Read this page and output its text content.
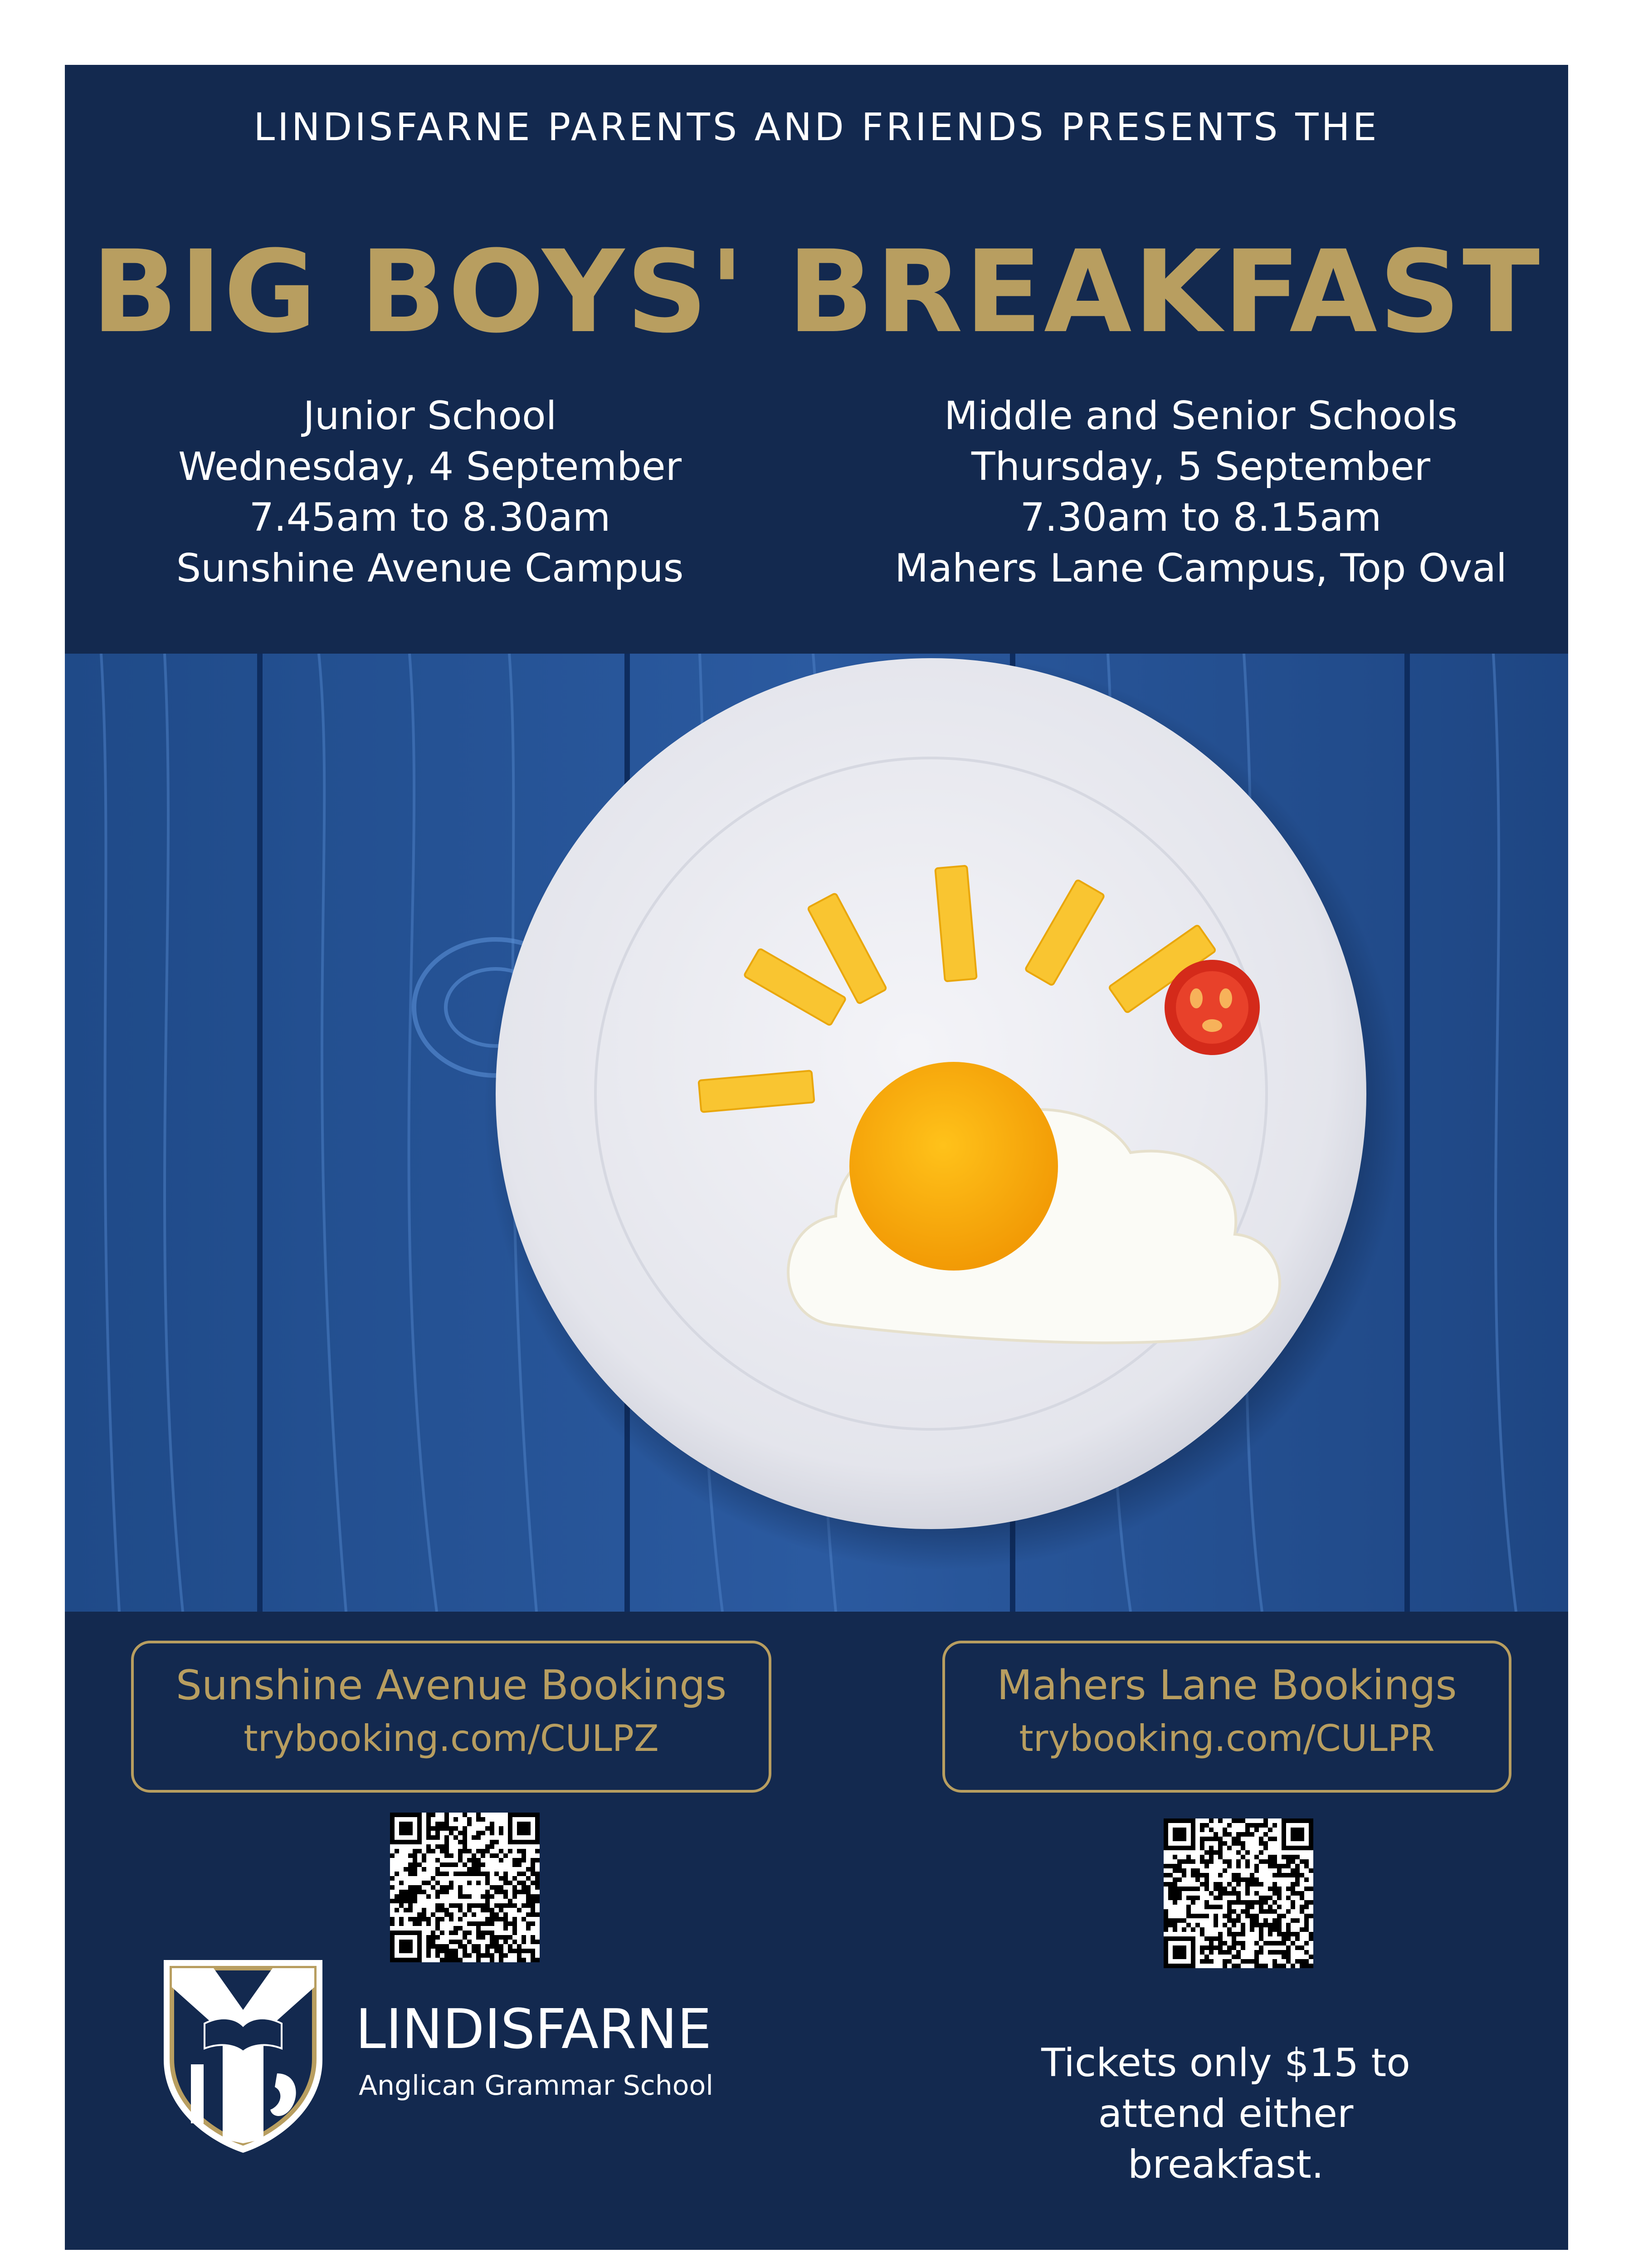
LINDISFARNE PARENTS AND FRIENDS PRESENTS THE
BIG BOYS' BREAKFAST
Junior School
Wednesday, 4 September
7.45am to 8.30am
Sunshine Avenue Campus
Middle and Senior Schools
Thursday, 5 September
7.30am to 8.15am
Mahers Lane Campus, Top Oval
Sunshine Avenue Bookings
trybooking.com/CULPZ
Mahers Lane Bookings
trybooking.com/CULPR
LINDISFARNE
Anglican Grammar School	Tickets only $15 to
attend either
breakfast.
